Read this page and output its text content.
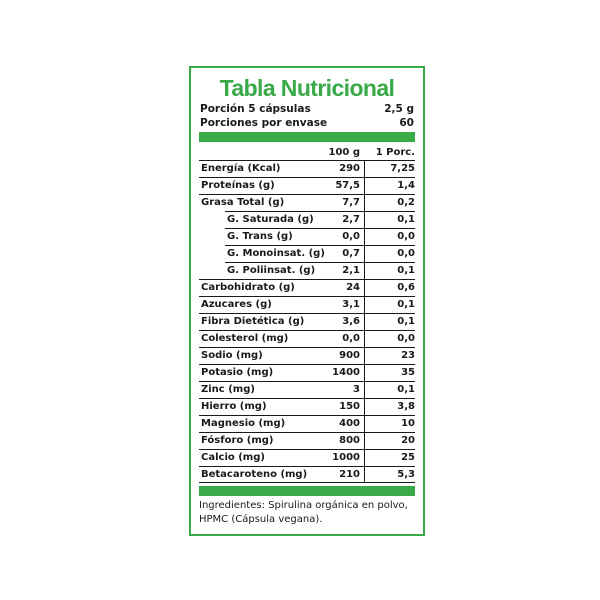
Tabla Nutricional
Porción 5 cápsulas	2,5 g
Porciones por envase	60
100 g 1 Porc.
Energía (Kcal)	290	7,25
Proteínas (g)	57,5	1,4
Grasa Total (g)	7,7	0,2
G. Saturada (g)	2,7	0,1
G. Trans (g)	0,0	0,0
G. Monoinsat. (g) 0,7	0,0
G. Poliinsat. (g)	2,1	0,1
Carbohidrato (g)	24	0,6
Azucares (g)	3,1	0,1
Fibra Dietética (g)	3,6	0,1
Colesterol (mg)	0,0	0,0
Sodio (mg)	900	23
Potasio (mg)	1400	35
Zinc (mg)	3	0,1
Hierro (mg)	150	3,8
Magnesio (mg)	400	10
Fósforo (mg)	800	20
Calcio (mg)	1000	25
Betacaroteno (mg)	210	5,3
Ingredientes: Spirulina orgánica en polvo,
HPMC (Cápsula vegana).
